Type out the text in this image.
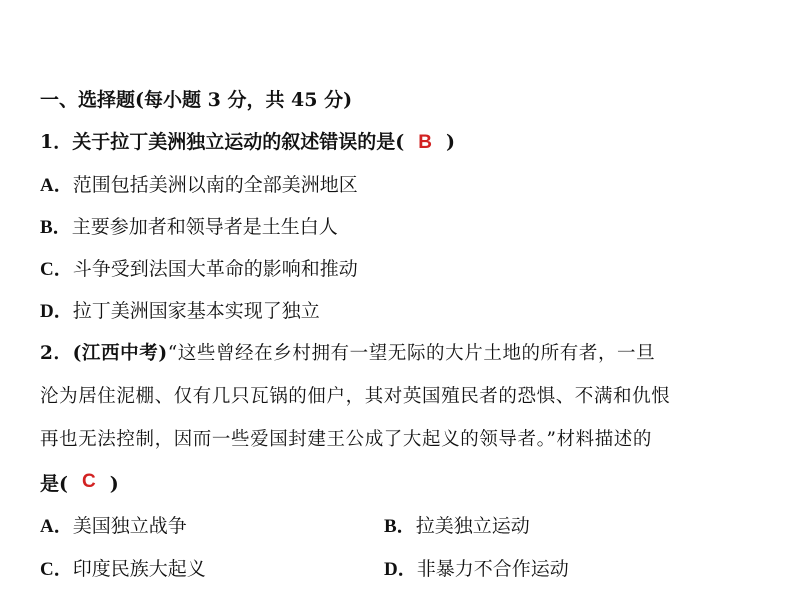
一、选择题(每小题 3 分，共 45 分)
1．关于拉丁美洲独立运动的叙述错误的是( B )
A．范围包括美洲以南的全部美洲地区
B．主要参加者和领导者是土生白人
C．斗争受到法国大革命的影响和推动
D．拉丁美洲国家基本实现了独立
2．(江西中考)“这些曾经在乡村拥有一望无际的大片土地的所有者，一旦
沦为居住泥棚、仅有几只瓦锅的佃户，其对英国殖民者的恐惧、不满和仇恨
再也无法控制，因而一些爱国封建王公成了大起义的领导者。”材料描述的
是( C )
A．美国独立战争	B．拉美独立运动
C．印度民族大起义	D．非暴力不合作运动
